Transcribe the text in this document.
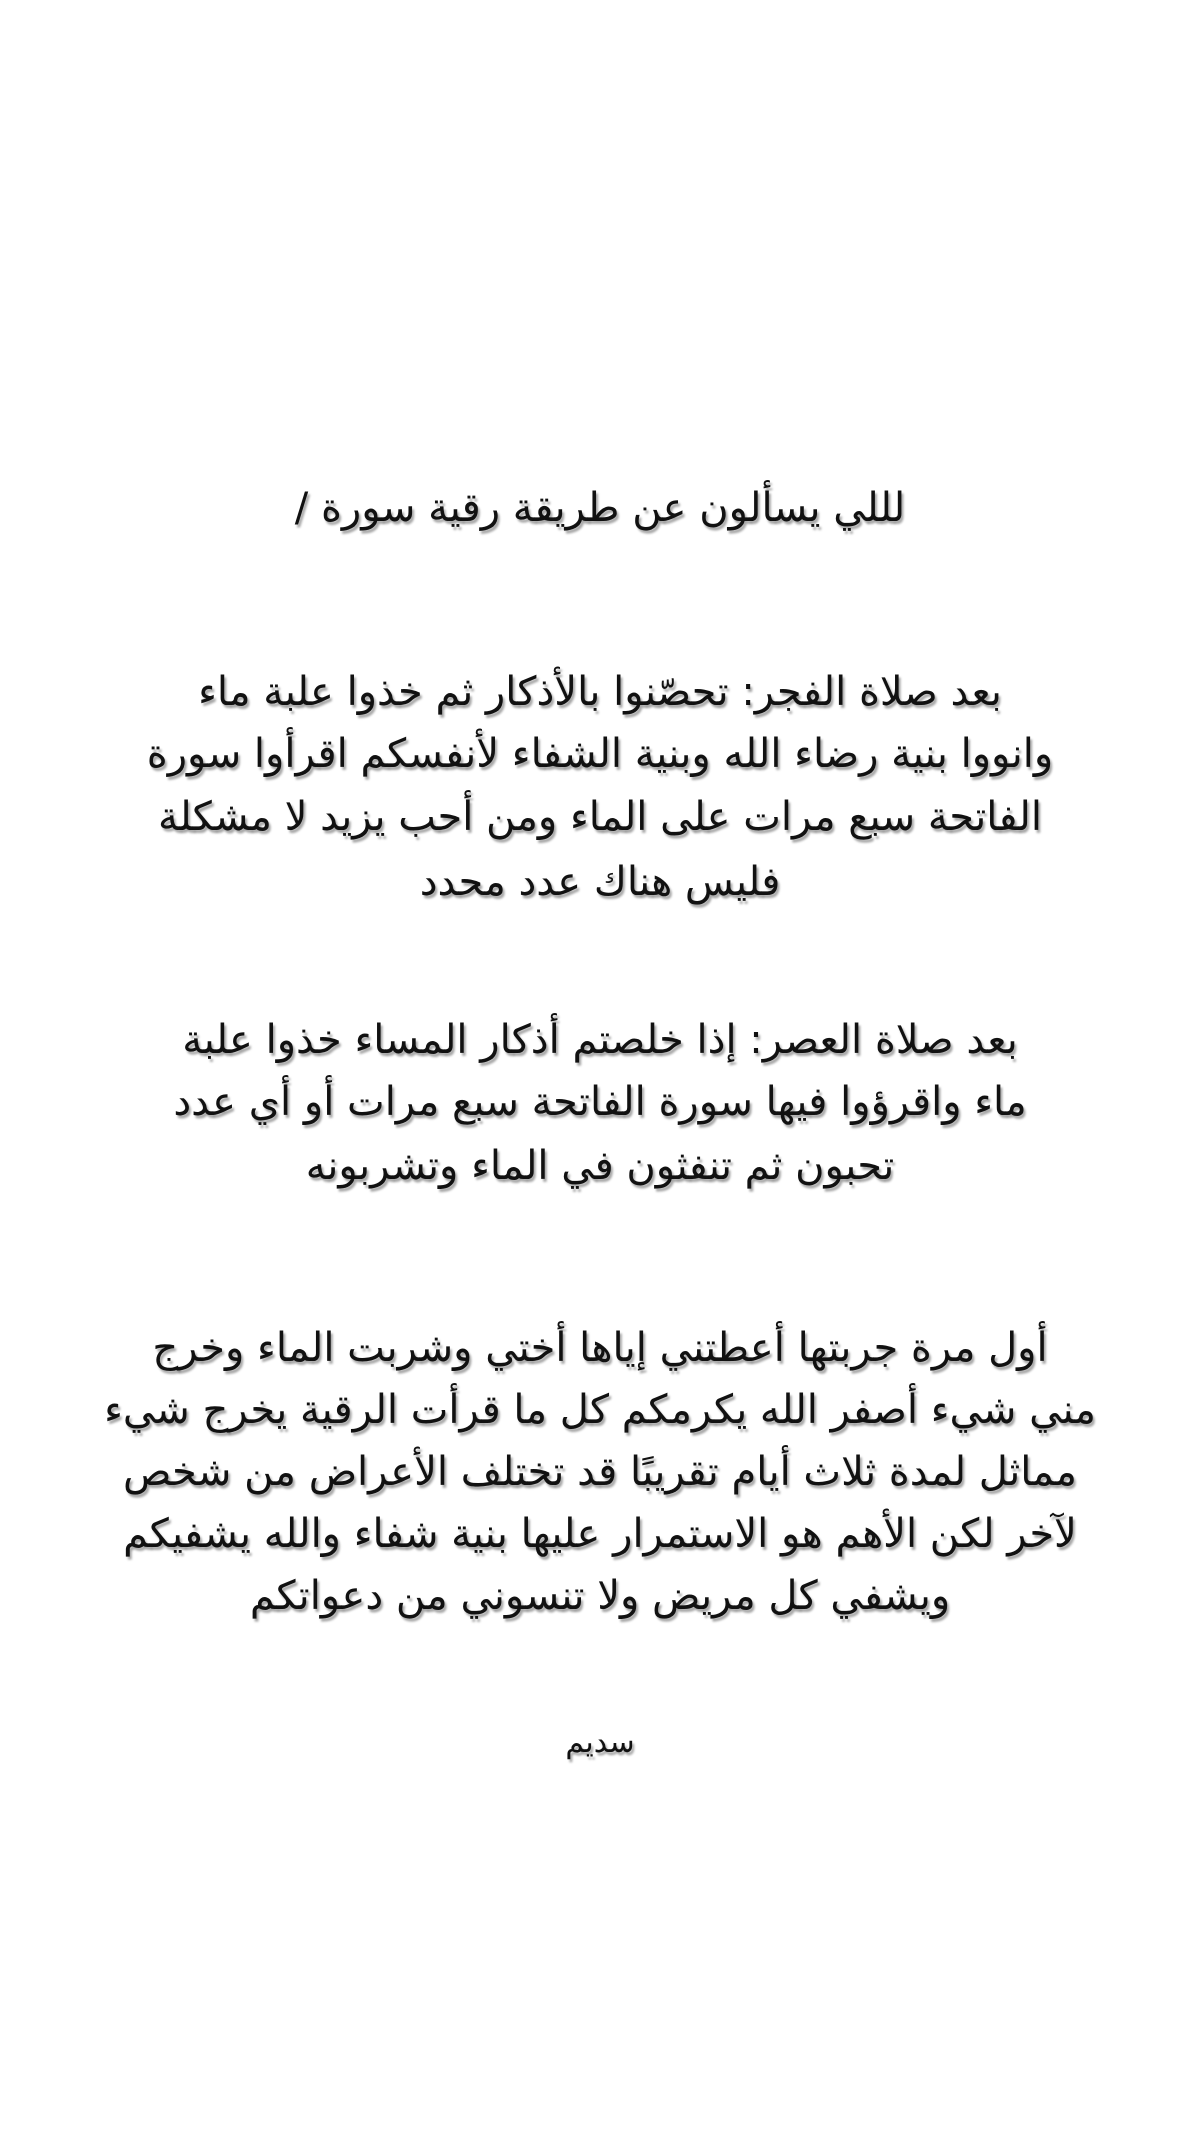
لللي يسألون عن طريقة رقية سورة /
بعد صلاة الفجر: تحصّنوا بالأذكار ثم خذوا علبة ماء
وانووا بنية رضاء الله وبنية الشفاء لأنفسكم اقرأوا سورة
الفاتحة سبع مرات على الماء ومن أحب يزيد لا مشكلة
فليس هناك عدد محدد
بعد صلاة العصر: إذا خلصتم أذكار المساء خذوا علبة
ماء واقرؤوا فيها سورة الفاتحة سبع مرات أو أي عدد
تحبون ثم تنفثون في الماء وتشربونه
أول مرة جربتها أعطتني إياها أختي وشربت الماء وخرج
مني شيء أصفر الله يكرمكم كل ما قرأت الرقية يخرج شيء
مماثل لمدة ثلاث أيام تقريبًا قد تختلف الأعراض من شخص
لآخر لكن الأهم هو الاستمرار عليها بنية شفاء والله يشفيكم
ويشفي كل مريض ولا تنسوني من دعواتكم
سديم
